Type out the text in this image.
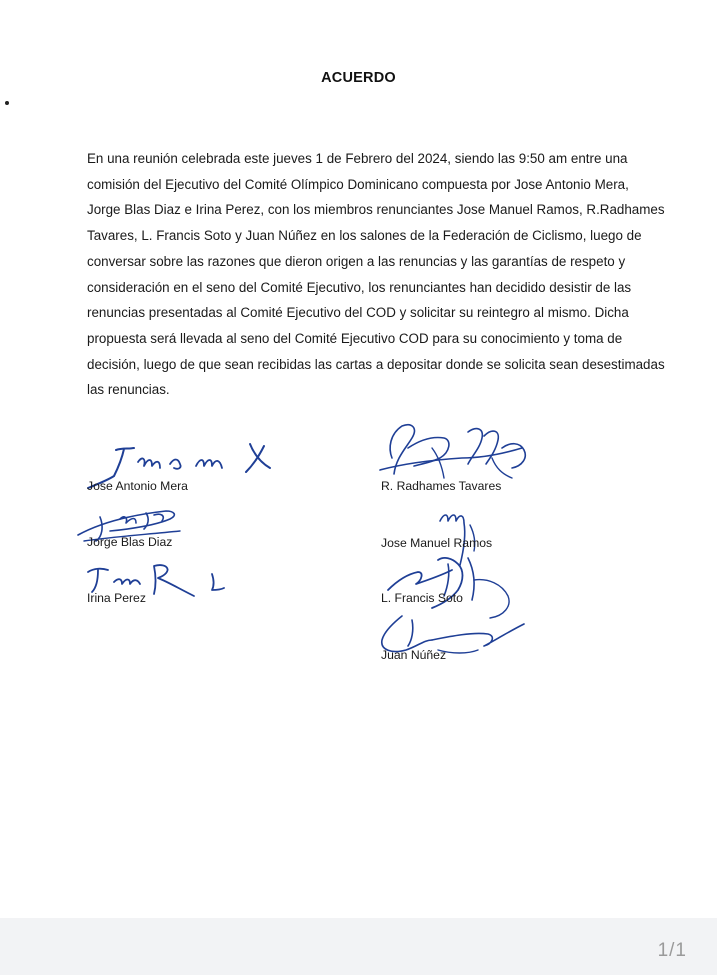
ACUERDO
En una reunión celebrada este jueves 1 de Febrero del 2024, siendo las 9:50 am entre una
comisión del Ejecutivo del Comité Olímpico Dominicano compuesta por Jose Antonio Mera,
Jorge Blas Diaz e Irina Perez, con los miembros renunciantes Jose Manuel Ramos, R.Radhames
Tavares, L. Francis Soto y Juan Núñez en los salones de la Federación de Ciclismo, luego de
conversar sobre las razones que dieron origen a las renuncias y las garantías de respeto y
consideración en el seno del Comité Ejecutivo, los renunciantes han decidido desistir de las
renuncias presentadas al Comité Ejecutivo del COD y solicitar su reintegro al mismo. Dicha
propuesta será llevada al seno del Comité Ejecutivo COD para su conocimiento y toma de
decisión, luego de que sean recibidas las cartas a depositar donde se solicita sean desestimadas
las renuncias.
Jose Antonio Mera
Jorge Blas Diaz
Irina Perez
R. Radhames Tavares
Jose Manuel Ramos
L. Francis Soto
Juan Núñez
1/1
